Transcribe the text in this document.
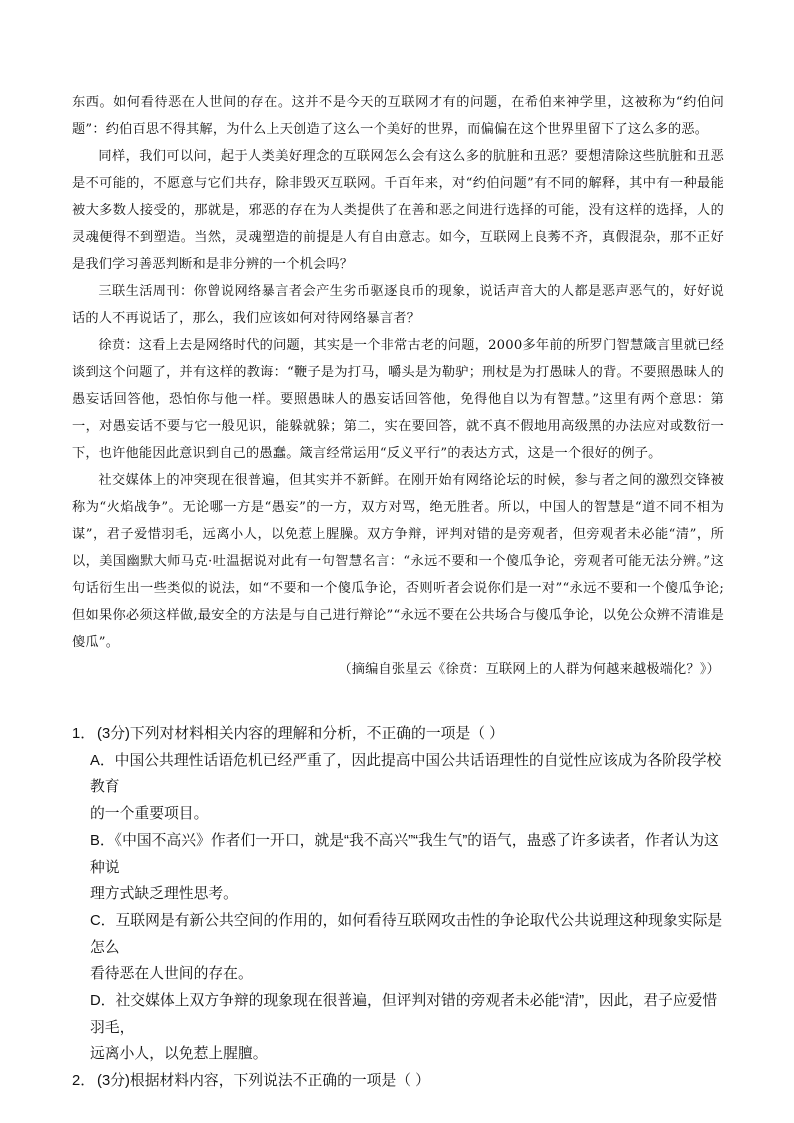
东西。如何看待恶在人世间的存在。这并不是今天的互联网才有的问题，在希伯来神学里，这被称为“约伯问题”：约伯百思不得其解，为什么上天创造了这么一个美好的世界，而偏偏在这个世界里留下了这么多的恶。

同样，我们可以问，起于人类美好理念的互联网怎么会有这么多的肮脏和丑恶？要想清除这些肮脏和丑恶是不可能的，不愿意与它们共存，除非毁灭互联网。千百年来，对“约伯问题”有不同的解释，其中有一种最能被大多数人接受的，那就是，邪恶的存在为人类提供了在善和恶之间进行选择的可能，没有这样的选择，人的灵魂便得不到塑造。当然，灵魂塑造的前提是人有自由意志。如今，互联网上良莠不齐，真假混杂，那不正好是我们学习善恶判断和是非分辨的一个机会吗？

三联生活周刊：你曾说网络暴言者会产生劣币驱逐良币的现象，说话声音大的人都是恶声恶气的，好好说话的人不再说话了，那么，我们应该如何对待网络暴言者？

徐贲：这看上去是网络时代的问题，其实是一个非常古老的问题，2000多年前的所罗门智慧箴言里就已经谈到这个问题了，并有这样的教诲：“鞭子是为打马，嚼头是为勒驴；刑杖是为打愚昧人的背。不要照愚昧人的愚妄话回答他，恐怕你与他一样。要照愚昧人的愚妄话回答他，免得他自以为有智慧。”这里有两个意思：第一，对愚妄话不要与它一般见识，能躲就躲；第二，实在要回答，就不真不假地用高级黑的办法应对或数衍一下，也许他能因此意识到自己的愚蠢。箴言经常运用“反义平行”的表达方式，这是一个很好的例子。

社交媒体上的冲突现在很普遍，但其实并不新鲜。在刚开始有网络论坛的时候，参与者之间的激烈交锋被称为“火焰战争”。无论哪一方是“愚妄”的一方，双方对骂，绝无胜者。所以，中国人的智慧是“道不同不相为谋”，君子爱惜羽毛，远离小人，以免惹上腥臊。双方争辩，评判对错的是旁观者，但旁观者未必能“清”，所以，美国幽默大师马克·吐温据说对此有一句智慧名言：“永远不要和一个傻瓜争论，旁观者可能无法分辨。”这句话衍生出一些类似的说法，如“不要和一个傻瓜争论，否则听者会说你们是一对”“永远不要和一个傻瓜争论;但如果你必须这样做,最安全的方法是与自己进行辩论”“永远不要在公共场合与傻瓜争论，以免公众辨不清谁是傻瓜”。

（摘编自张星云《徐贲：互联网上的人群为何越来越极端化？》）

1． (3分)下列对材料相关内容的理解和分析，不正确的一项是（ ）

A．中国公共理性话语危机已经严重了，因此提高中国公共话语理性的自觉性应该成为各阶段学校教育
的一个重要项目。
B．《中国不高兴》作者们一开口，就是“我不高兴”“我生气”的语气，蛊惑了许多读者，作者认为这种说
理方式缺乏理性思考。
C．互联网是有新公共空间的作用的，如何看待互联网攻击性的争论取代公共说理这种现象实际是怎么
看待恶在人世间的存在。
D．社交媒体上双方争辩的现象现在很普遍，但评判对错的旁观者未必能“清”，因此，君子应爱惜羽毛，
远离小人，以免惹上腥膻。

2． (3分)根据材料内容，下列说法不正确的一项是（ ）
